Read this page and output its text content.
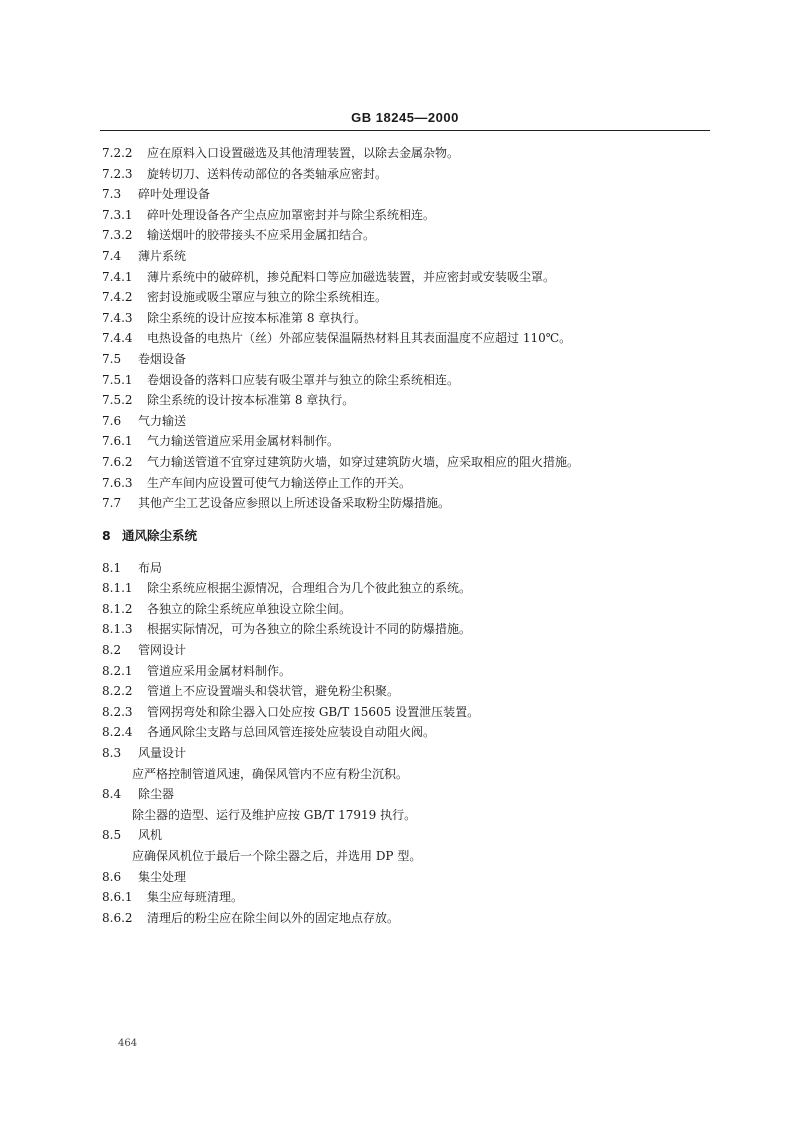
GB 18245—2000
7.2.2	应在原料入口设置磁选及其他清理装置，以除去金属杂物。
7.2.3	旋转切刀、送料传动部位的各类轴承应密封。
7.3	碎叶处理设备
7.3.1	碎叶处理设备各产尘点应加罩密封并与除尘系统相连。
7.3.2	输送烟叶的胶带接头不应采用金属扣结合。
7.4	薄片系统
7.4.1	薄片系统中的破碎机，掺兑配料口等应加磁选装置，并应密封或安装吸尘罩。
7.4.2	密封设施或吸尘罩应与独立的除尘系统相连。
7.4.3	除尘系统的设计应按本标准第 8 章执行。
7.4.4	电热设备的电热片（丝）外部应装保温隔热材料且其表面温度不应超过 110℃。
7.5	卷烟设备
7.5.1	卷烟设备的落料口应装有吸尘罩并与独立的除尘系统相连。
7.5.2	除尘系统的设计按本标准第 8 章执行。
7.6	气力输送
7.6.1	气力输送管道应采用金属材料制作。
7.6.2	气力输送管道不宜穿过建筑防火墙，如穿过建筑防火墙，应采取相应的阻火措施。
7.6.3	生产车间内应设置可使气力输送停止工作的开关。
7.7	其他产尘工艺设备应参照以上所述设备采取粉尘防爆措施。
8 通风除尘系统
8.1	布局
8.1.1	除尘系统应根据尘源情况，合理组合为几个彼此独立的系统。
8.1.2	各独立的除尘系统应单独设立除尘间。
8.1.3	根据实际情况，可为各独立的除尘系统设计不同的防爆措施。
8.2	管网设计
8.2.1	管道应采用金属材料制作。
8.2.2	管道上不应设置端头和袋状管，避免粉尘积聚。
8.2.3	管网拐弯处和除尘器入口处应按 GB/T 15605 设置泄压装置。
8.2.4	各通风除尘支路与总回风管连接处应装设自动阻火阀。
8.3	风量设计
应严格控制管道风速，确保风管内不应有粉尘沉积。
8.4	除尘器
除尘器的造型、运行及维护应按 GB/T 17919 执行。
8.5	风机
应确保风机位于最后一个除尘器之后，并选用 DP 型。
8.6	集尘处理
8.6.1	集尘应每班清理。
8.6.2	清理后的粉尘应在除尘间以外的固定地点存放。
464
